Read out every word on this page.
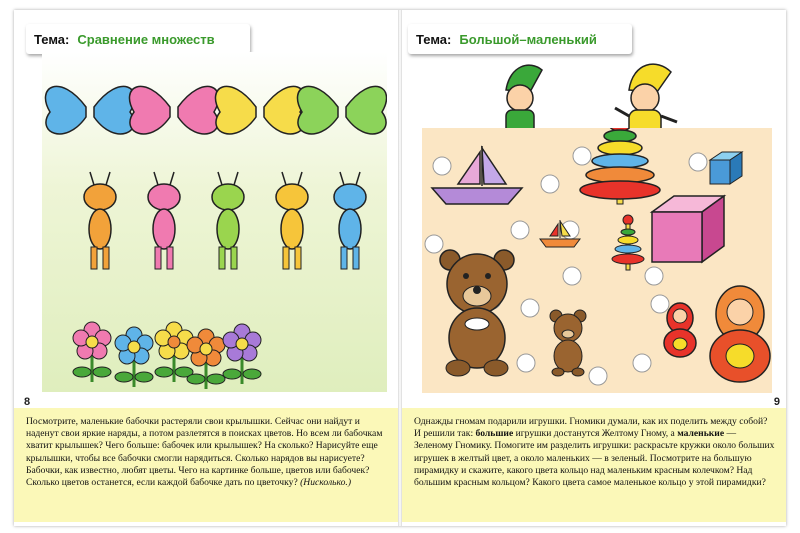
Тема: Сравнение множеств
8

Посмотрите, маленькие бабочки растеряли свои крылышки. Сейчас они найдут и наденут свои яркие наряды, а потом разлетятся в поисках цветов. Но всем ли бабочкам хватит крылышек? Чего больше: бабочек или крылышек? На сколько? Нарисуйте еще крылышки, чтобы все бабочки смогли нарядиться. Сколько нарядов вы нарисуете?

Бабочки, как известно, любят цветы. Чего на картинке больше, цветов или бабочек? Сколько цветов останется, если каждой бабочке дать по цветочку? (Нисколько.)

Тема: Большой–маленький
9

Однажды гномам подарили игрушки. Гномики думали, как их поделить между собой? И решили так: большие игрушки достанутся Желтому Гному, а маленькие — Зеленому Гномику. Помогите им разделить игрушки: раскрасьте кружки около больших игрушек в желтый цвет, а около маленьких — в зеленый. Посмотрите на большую пирамидку и скажите, какого цвета кольцо над маленьким красным колечком? Над большим красным кольцом? Какого цвета самое маленькое кольцо у этой пирамидки?
